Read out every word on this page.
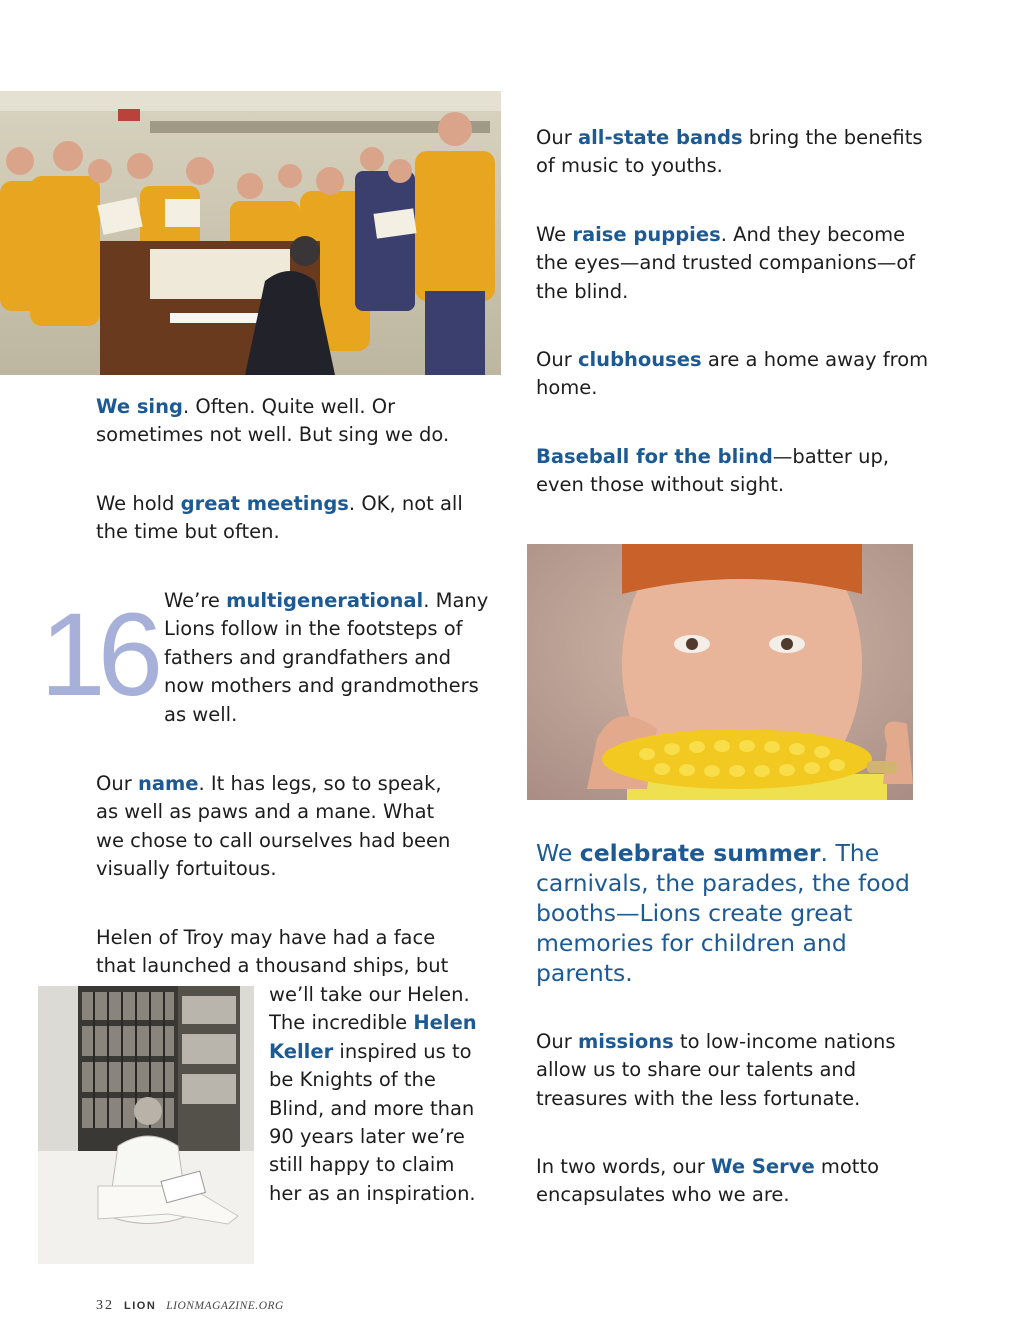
We sing. Often. Quite well. Or sometimes not well. But sing we do.

We hold great meetings. OK, not all the time but often.

16 We’re multigenerational. Many Lions follow in the footsteps of fathers and grandfathers and now mothers and grandmothers as well.

Our name. It has legs, so to speak, as well as paws and a mane. What we chose to call ourselves had been visually fortuitous.

Helen of Troy may have had a face

that launched a thousand ships, but

we’ll take our Helen. The incredible Helen Keller inspired us to be Knights of the Blind, and more than 90 years later we’re still happy to claim her as an inspiration.

Our all-state bands bring the benefits of music to youths.

We raise puppies. And they become the eyes—and trusted companions—of the blind.

Our clubhouses are a home away from home.

Baseball for the blind—batter up, even those without sight.

We celebrate summer. The carnivals, the parades, the food booths—Lions create great memories for children and parents.

Our missions to low-income nations allow us to share our talents and treasures with the less fortunate.

In two words, our We Serve motto encapsulates who we are.

32 LION LIONMAGAZINE.ORG
